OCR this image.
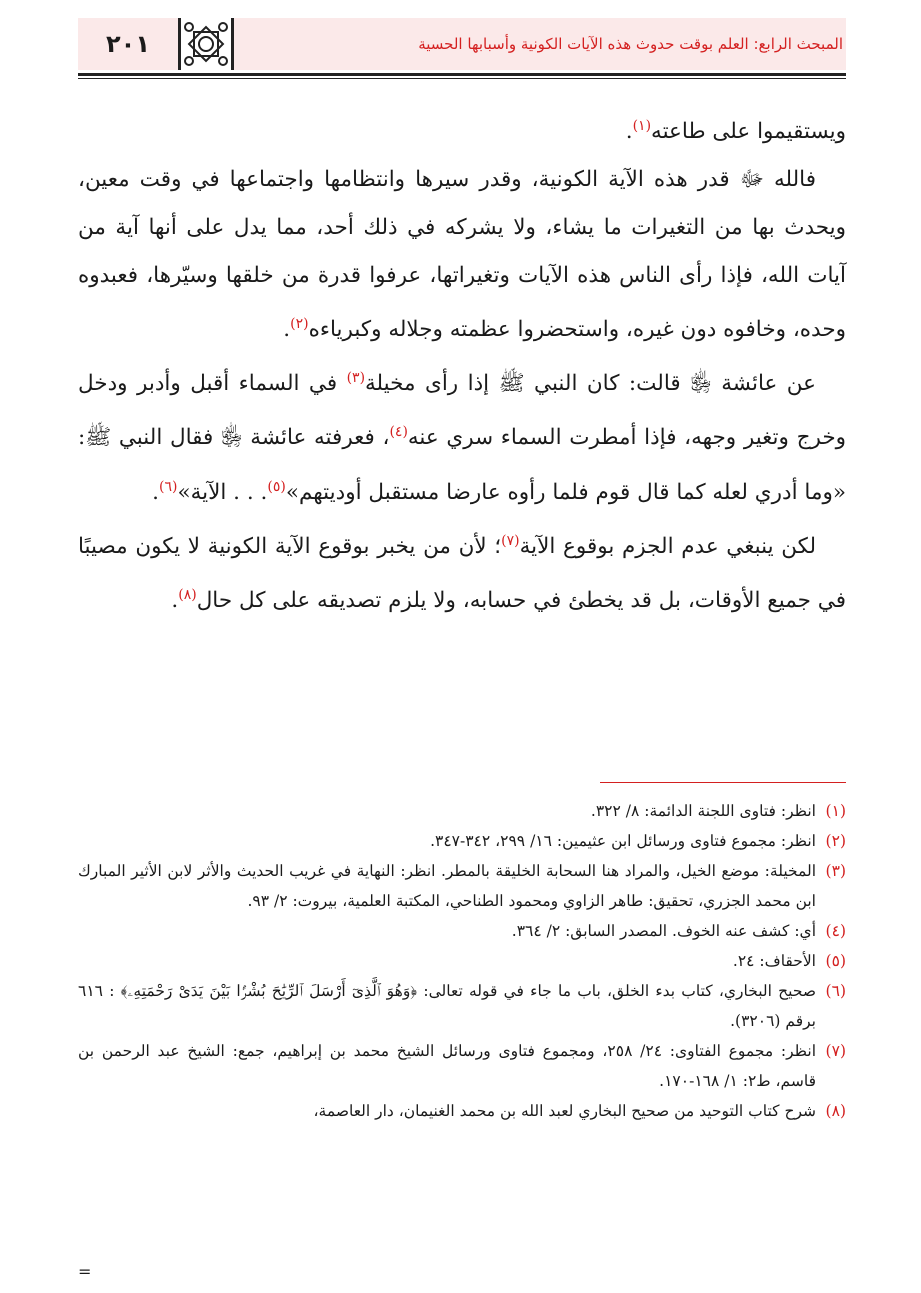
٢٠١	المبحث الرابع: العلم بوقت حدوث هذه الآيات الكونية وأسبابها الحسية

ويستقيموا على طاعته$^{(١)}$.

فالله ﷻ قدر هذه الآية الكونية، وقدر سيرها وانتظامها واجتماعها في وقت معين، ويحدث بها من التغيرات ما يشاء، ولا يشركه في ذلك أحد، مما يدل على أنها آية من آيات الله، فإذا رأى الناس هذه الآيات وتغيراتها، عرفوا قدرة من خلقها وسيّرها، فعبدوه وحده، وخافوه دون غيره، واستحضروا عظمته وجلاله وكبرياءه$^{(٢)}$.

عن عائشة ﵂ قالت: كان النبي ﷺ إذا رأى مخيلة$^{(٣)}$ في السماء أقبل وأدبر ودخل وخرج وتغير وجهه، فإذا أمطرت السماء سري عنه$^{(٤)}$، فعرفته عائشة ﵂ فقال النبي ﷺ: «وما أدري لعله كما قال قوم فلما رأوه عارضا مستقبل أوديتهم»$^{(٥)}$. . . الآية»$^{(٦)}$.

لكن ينبغي عدم الجزم بوقوع الآية$^{(٧)}$؛ لأن من يخبر بوقوع الآية الكونية لا يكون مصيبًا في جميع الأوقات، بل قد يخطئ في حسابه، ولا يلزم تصديقه على كل حال$^{(٨)}$.

(١)
انظر: فتاوى اللجنة الدائمة: ٨/ ٣٢٢.
(٢)
انظر: مجموع فتاوى ورسائل ابن عثيمين: ١٦/ ٢٩٩، ٣٤٢-٣٤٧.
(٣)
المخيلة: موضع الخيل، والمراد هنا السحابة الخليقة بالمطر. انظر: النهاية في غريب الحديث والأثر لابن الأثير المبارك ابن محمد الجزري، تحقيق: طاهر الزاوي ومحمود الطناحي، المكتبة العلمية، بيروت: ٢/ ٩٣.
(٤)
أي: كشف عنه الخوف. المصدر السابق: ٢/ ٣٦٤.
(٥)
الأحقاف: ٢٤.
(٦)
صحيح البخاري، كتاب بدء الخلق، باب ما جاء في قوله تعالى: ﴿وَهُوَ ٱلَّذِىٓ أَرْسَلَ ٱلرِّيَٰحَ بُشْرًۢا بَيْنَ يَدَىْ رَحْمَتِهِۦ﴾ : ٦١٦ برقم (٣٢٠٦).
(٧)
انظر: مجموع الفتاوى: ٢٤/ ٢٥٨، ومجموع فتاوى ورسائل الشيخ محمد بن إبراهيم، جمع: الشيخ عبد الرحمن بن قاسم، ط٢: ١/ ١٦٨-١٧٠.
(٨)
شرح كتاب التوحيد من صحيح البخاري لعبد الله بن محمد الغنيمان، دار العاصمة،
=
